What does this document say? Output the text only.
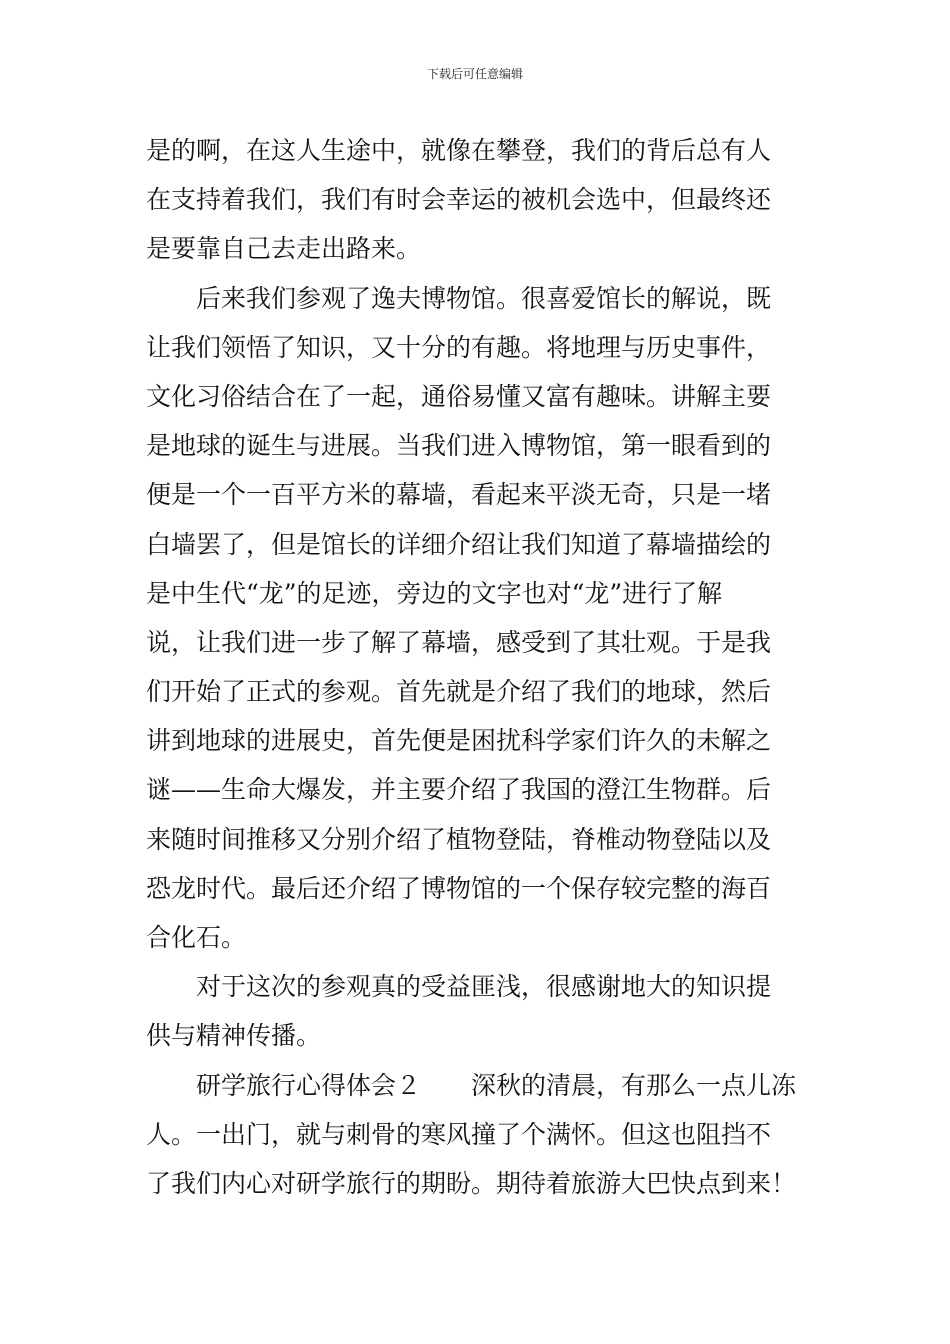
下载后可任意编辑
是的啊，在这人生途中，就像在攀登，我们的背后总有人
在支持着我们，我们有时会幸运的被机会选中，但最终还
是要靠自己去走出路来。
　　后来我们参观了逸夫博物馆。很喜爱馆长的解说，既
让我们领悟了知识，又十分的有趣。将地理与历史事件，
文化习俗结合在了一起，通俗易懂又富有趣味。讲解主要
是地球的诞生与进展。当我们进入博物馆，第一眼看到的
便是一个一百平方米的幕墙，看起来平淡无奇，只是一堵
白墙罢了，但是馆长的详细介绍让我们知道了幕墙描绘的
是中生代“龙”的足迹，旁边的文字也对“龙”进行了解
说，让我们进一步了解了幕墙，感受到了其壮观。于是我
们开始了正式的参观。首先就是介绍了我们的地球，然后
讲到地球的进展史，首先便是困扰科学家们许久的未解之
谜——生命大爆发，并主要介绍了我国的澄江生物群。后
来随时间推移又分别介绍了植物登陆，脊椎动物登陆以及
恐龙时代。最后还介绍了博物馆的一个保存较完整的海百
合化石。
　　对于这次的参观真的受益匪浅，很感谢地大的知识提
供与精神传播。
　　研学旅行心得体会２　　深秋的清晨，有那么一点儿冻
人。一出门，就与刺骨的寒风撞了个满怀。但这也阻挡不
了我们内心对研学旅行的期盼。期待着旅游大巴快点到来！
